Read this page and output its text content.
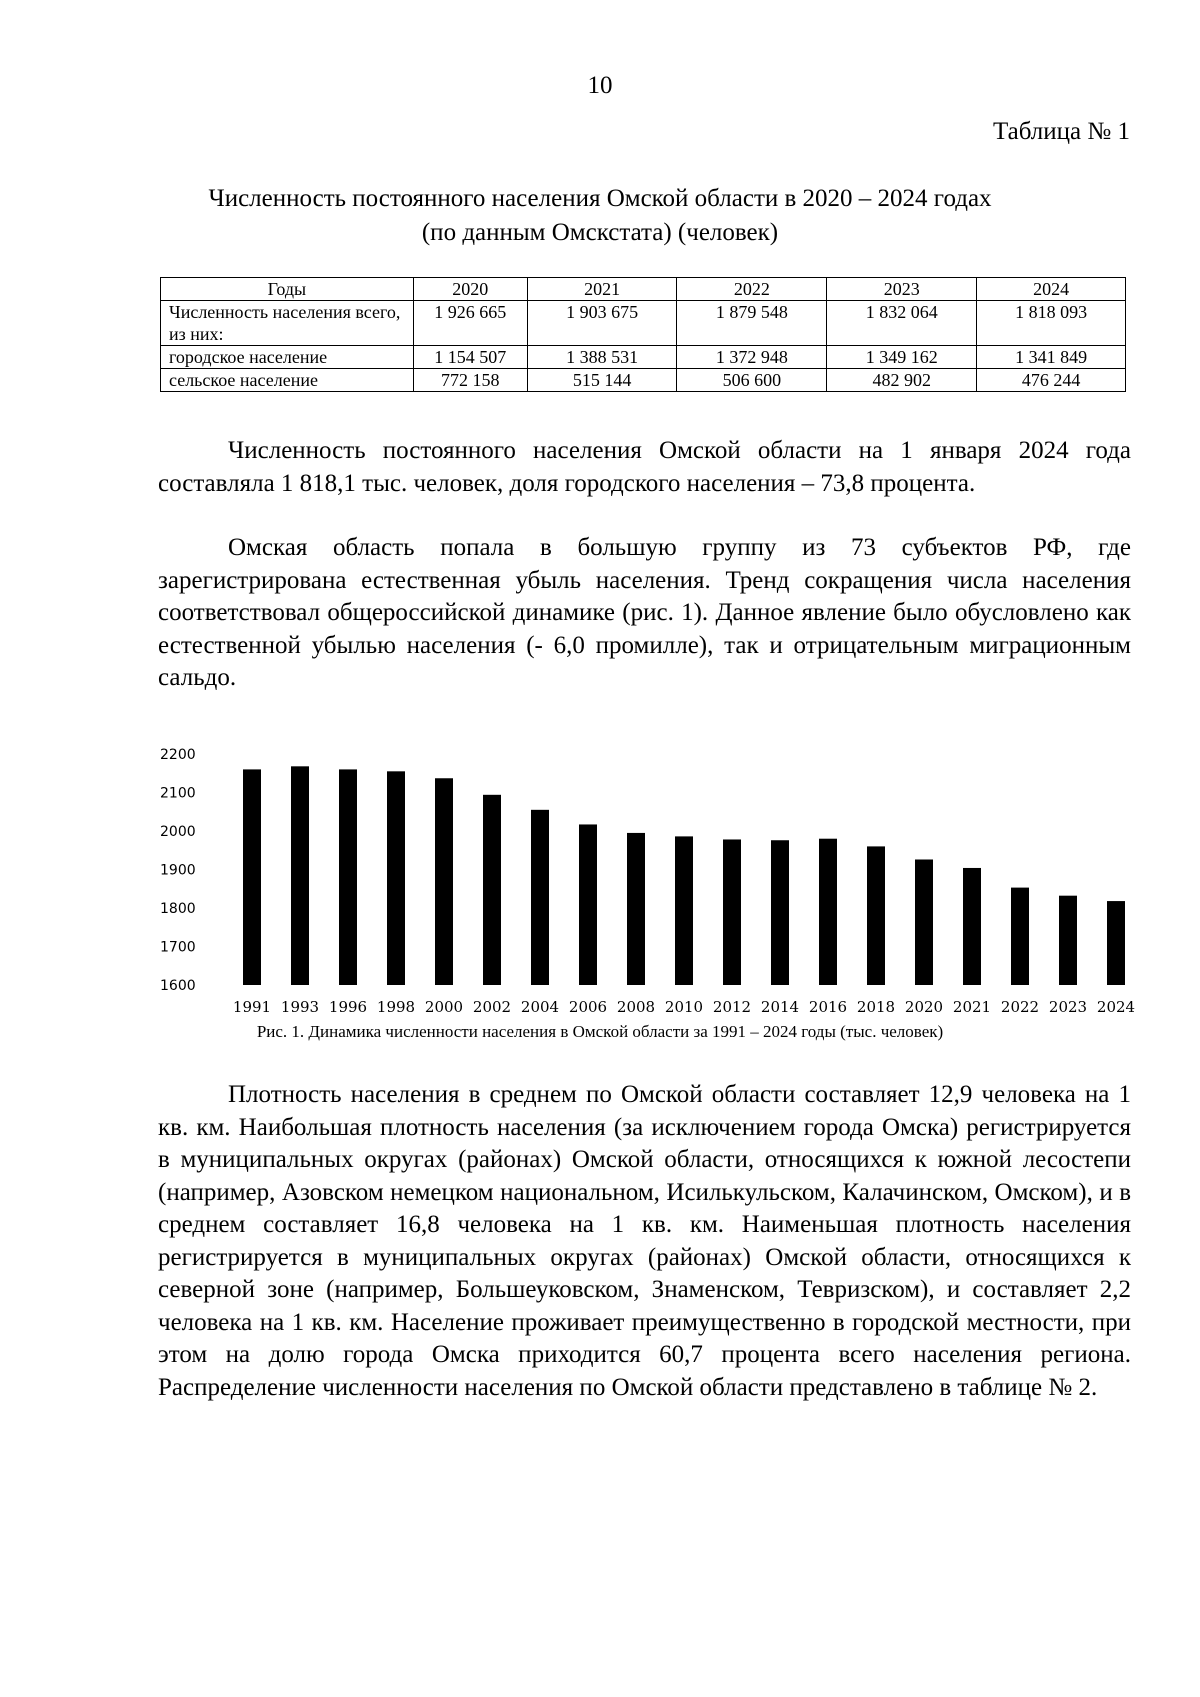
10
Таблица № 1
Численность постоянного населения Омской области в 2020 – 2024 годах
(по данным Омскстата) (человек)
Годы	2020	2021	2022	2023	2024
Численность населения всего, из них:	1 926 665	1 903 675	1 879 548	1 832 064	1 818 093
городское население	1 154 507	1 388 531	1 372 948	1 349 162	1 341 849
сельское население	772 158	515 144	506 600	482 902	476 244

Численность постоянного населения Омской области на 1 января 2024 года составляла 1 818,1 тыс. человек, доля городского населения – 73,8 процента.

Омская область попала в большую группу из 73 субъектов РФ, где зарегистрирована естественная убыль населения. Тренд сокращения числа населения соответствовал общероссийской динамике (рис. 1). Данное явление было обусловлено как естественной убылью населения (- 6,0 промилле), так и отрицательным миграционным сальдо.

1600
1700
1800
1900
2000
2100
2200
1991 1993 1996 1998 2000 2002 2004 2006 2008 2010 2012 2014 2016 2018 2020 2021 2022 2023 2024
Рис. 1. Динамика численности населения в Омской области за 1991 – 2024 годы (тыс. человек)

Плотность населения в среднем по Омской области составляет 12,9 человека на 1 кв. км. Наибольшая плотность населения (за исключением города Омска) регистрируется в муниципальных округах (районах) Омской области, относящихся к южной лесостепи (например, Азовском немецком национальном, Исилькульском, Калачинском, Омском), и в среднем составляет 16,8 человека на 1 кв. км. Наименьшая плотность населения регистрируется в муниципальных округах (районах) Омской области, относящихся к северной зоне (например, Большеуковском, Знаменском, Тевризском), и составляет 2,2 человека на 1 кв. км. Население проживает преимущественно в городской местности, при этом на долю города Омска приходится 60,7 процента всего населения региона. Распределение численности населения по Омской области представлено в таблице № 2.
